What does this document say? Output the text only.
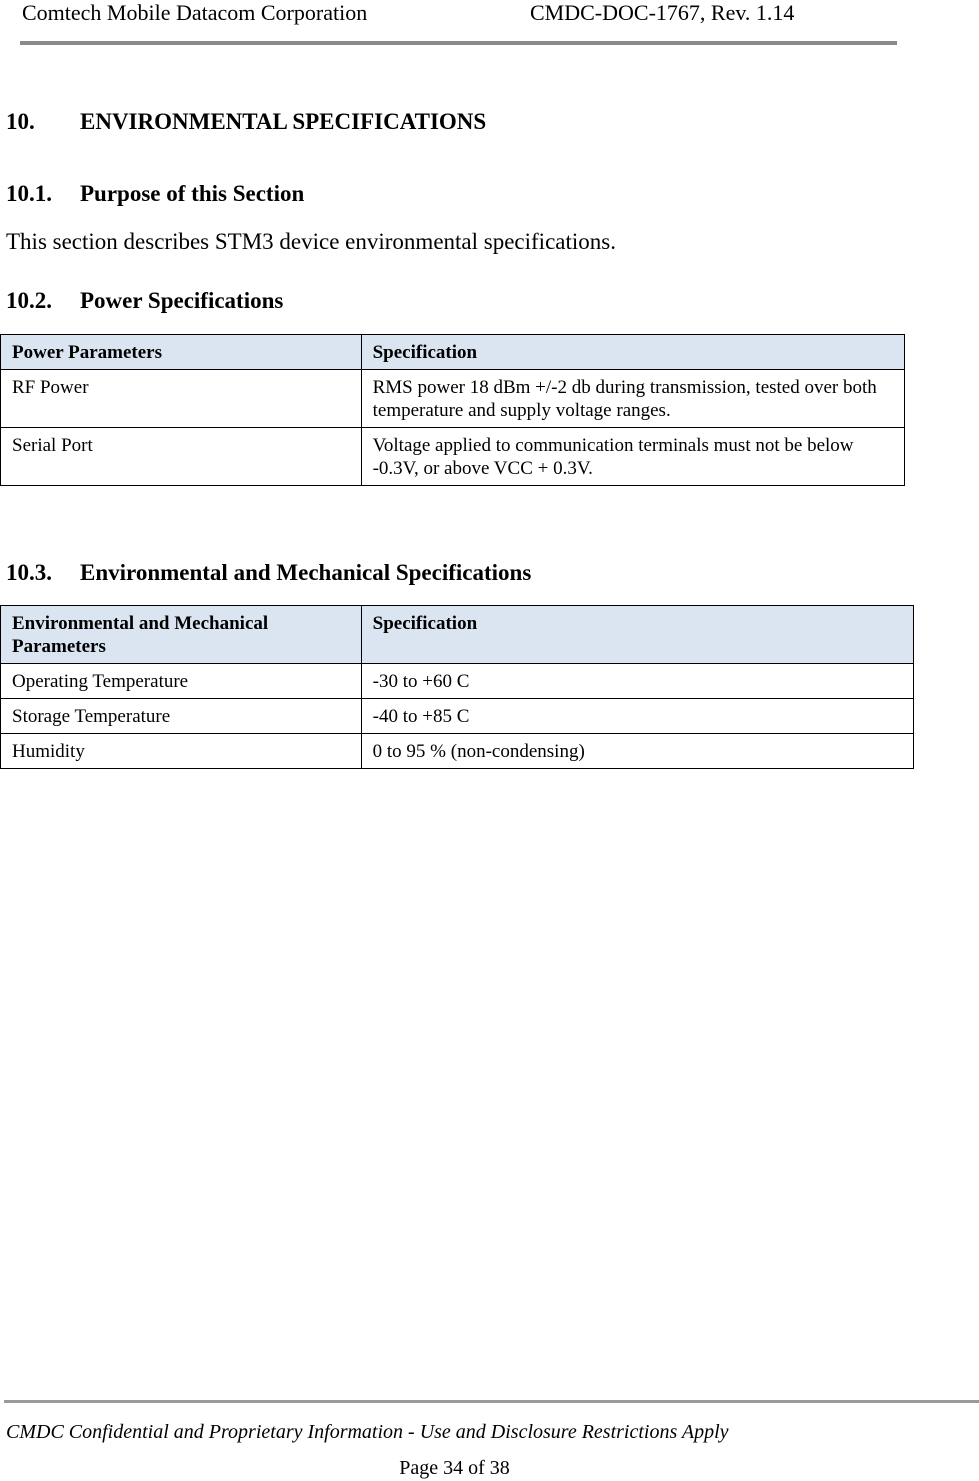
Comtech Mobile Datacom Corporation	CMDC-DOC-1767, Rev. 1.14
10. ENVIRONMENTAL SPECIFICATIONS
10.1. Purpose of this Section
This section describes STM3 device environmental specifications.
10.2. Power Specifications
Power Parameters	Specification
RF Power	RMS power 18 dBm +/-2 db during transmission, tested over both temperature and supply voltage ranges.
Serial Port	Voltage applied to communication terminals must not be below -0.3V, or above VCC + 0.3V.
10.3. Environmental and Mechanical Specifications
Environmental and Mechanical Parameters	Specification
Operating Temperature	-30 to +60 C
Storage Temperature	-40 to +85 C
Humidity	0 to 95 % (non-condensing)
CMDC Confidential and Proprietary Information - Use and Disclosure Restrictions Apply
Page 34 of 38
